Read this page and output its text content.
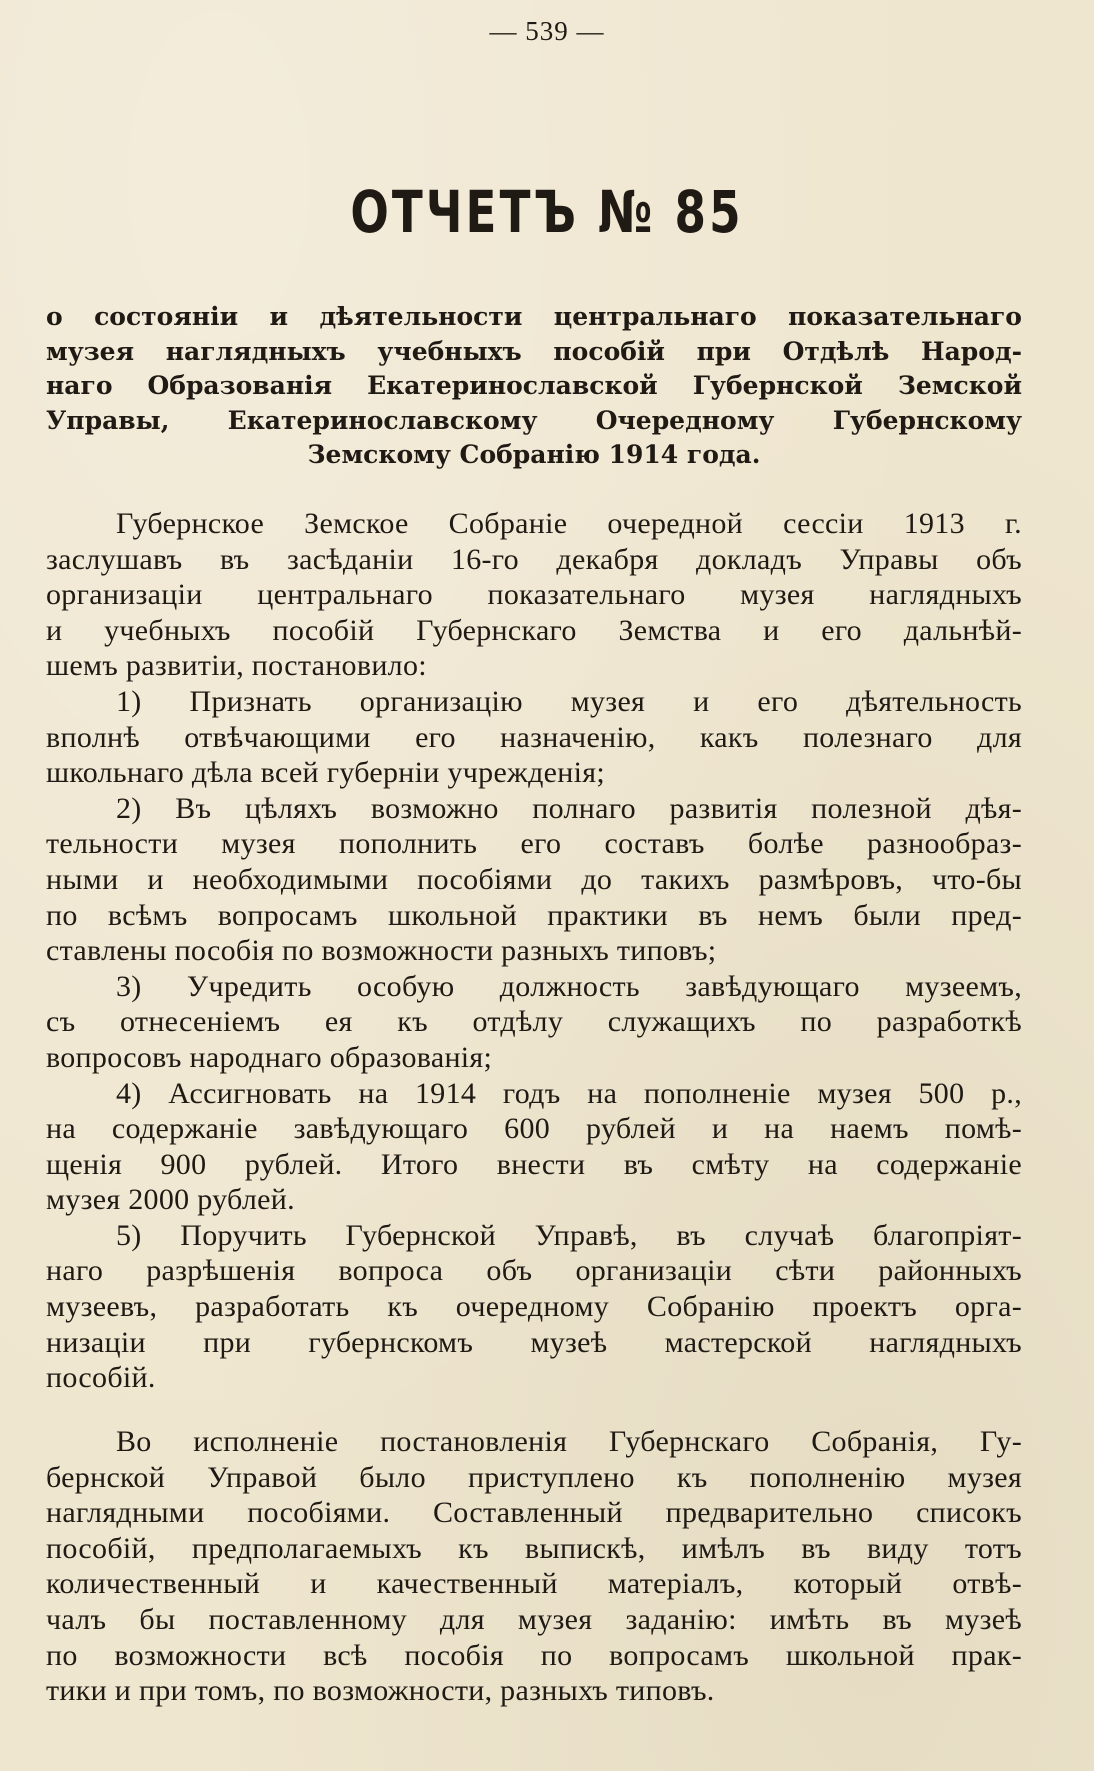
— 539 —
ОТЧЕТЪ № 85
о состояніи и дѣятельности центральнаго показательнаго
музея наглядныхъ учебныхъ пособій при Отдѣлѣ Народ-
наго Образованія Екатеринославской Губернской Земской
Управы, Екатеринославскому Очередному Губернскому
Земскому Собранію 1914 года.
Губернское Земское Собраніе очередной сессіи 1913 г.
заслушавъ въ засѣданіи 16-го декабря докладъ Управы объ
организаціи центральнаго показательнаго музея наглядныхъ
и учебныхъ пособій Губернскаго Земства и его дальнѣй-
шемъ развитіи, постановило:
1) Признать организацію музея и его дѣятельность
вполнѣ отвѣчающими его назначенію, какъ полезнаго для
школьнаго дѣла всей губерніи учрежденія;
2) Въ цѣляхъ возможно полнаго развитія полезной дѣя-
тельности музея пополнить его составъ болѣе разнообраз-
ными и необходимыми пособіями до такихъ размѣровъ, что-бы
по всѣмъ вопросамъ школьной практики въ немъ были пред-
ставлены пособія по возможности разныхъ типовъ;
3) Учредить особую должность завѣдующаго музеемъ,
съ отнесеніемъ ея къ отдѣлу служащихъ по разработкѣ
вопросовъ народнаго образованія;
4) Ассигновать на 1914 годъ на пополненіе музея 500 р.,
на содержаніе завѣдующаго 600 рублей и на наемъ помѣ-
щенія 900 рублей. Итого внести въ смѣту на содержаніе
музея 2000 рублей.
5) Поручить Губернской Управѣ, въ случаѣ благопріят-
наго разрѣшенія вопроса объ организаціи сѣти районныхъ
музеевъ, разработать къ очередному Собранію проектъ орга-
низаціи при губернскомъ музеѣ мастерской наглядныхъ
пособій.
Во исполненіе постановленія Губернскаго Собранія, Гу-
бернской Управой было приступлено къ пополненію музея
наглядными пособіями. Составленный предварительно списокъ
пособій, предполагаемыхъ къ выпискѣ, имѣлъ въ виду тотъ
количественный и качественный матеріалъ, который отвѣ-
чалъ бы поставленному для музея заданію: имѣть въ музеѣ
по возможности всѣ пособія по вопросамъ школьной прак-
тики и при томъ, по возможности, разныхъ типовъ.
